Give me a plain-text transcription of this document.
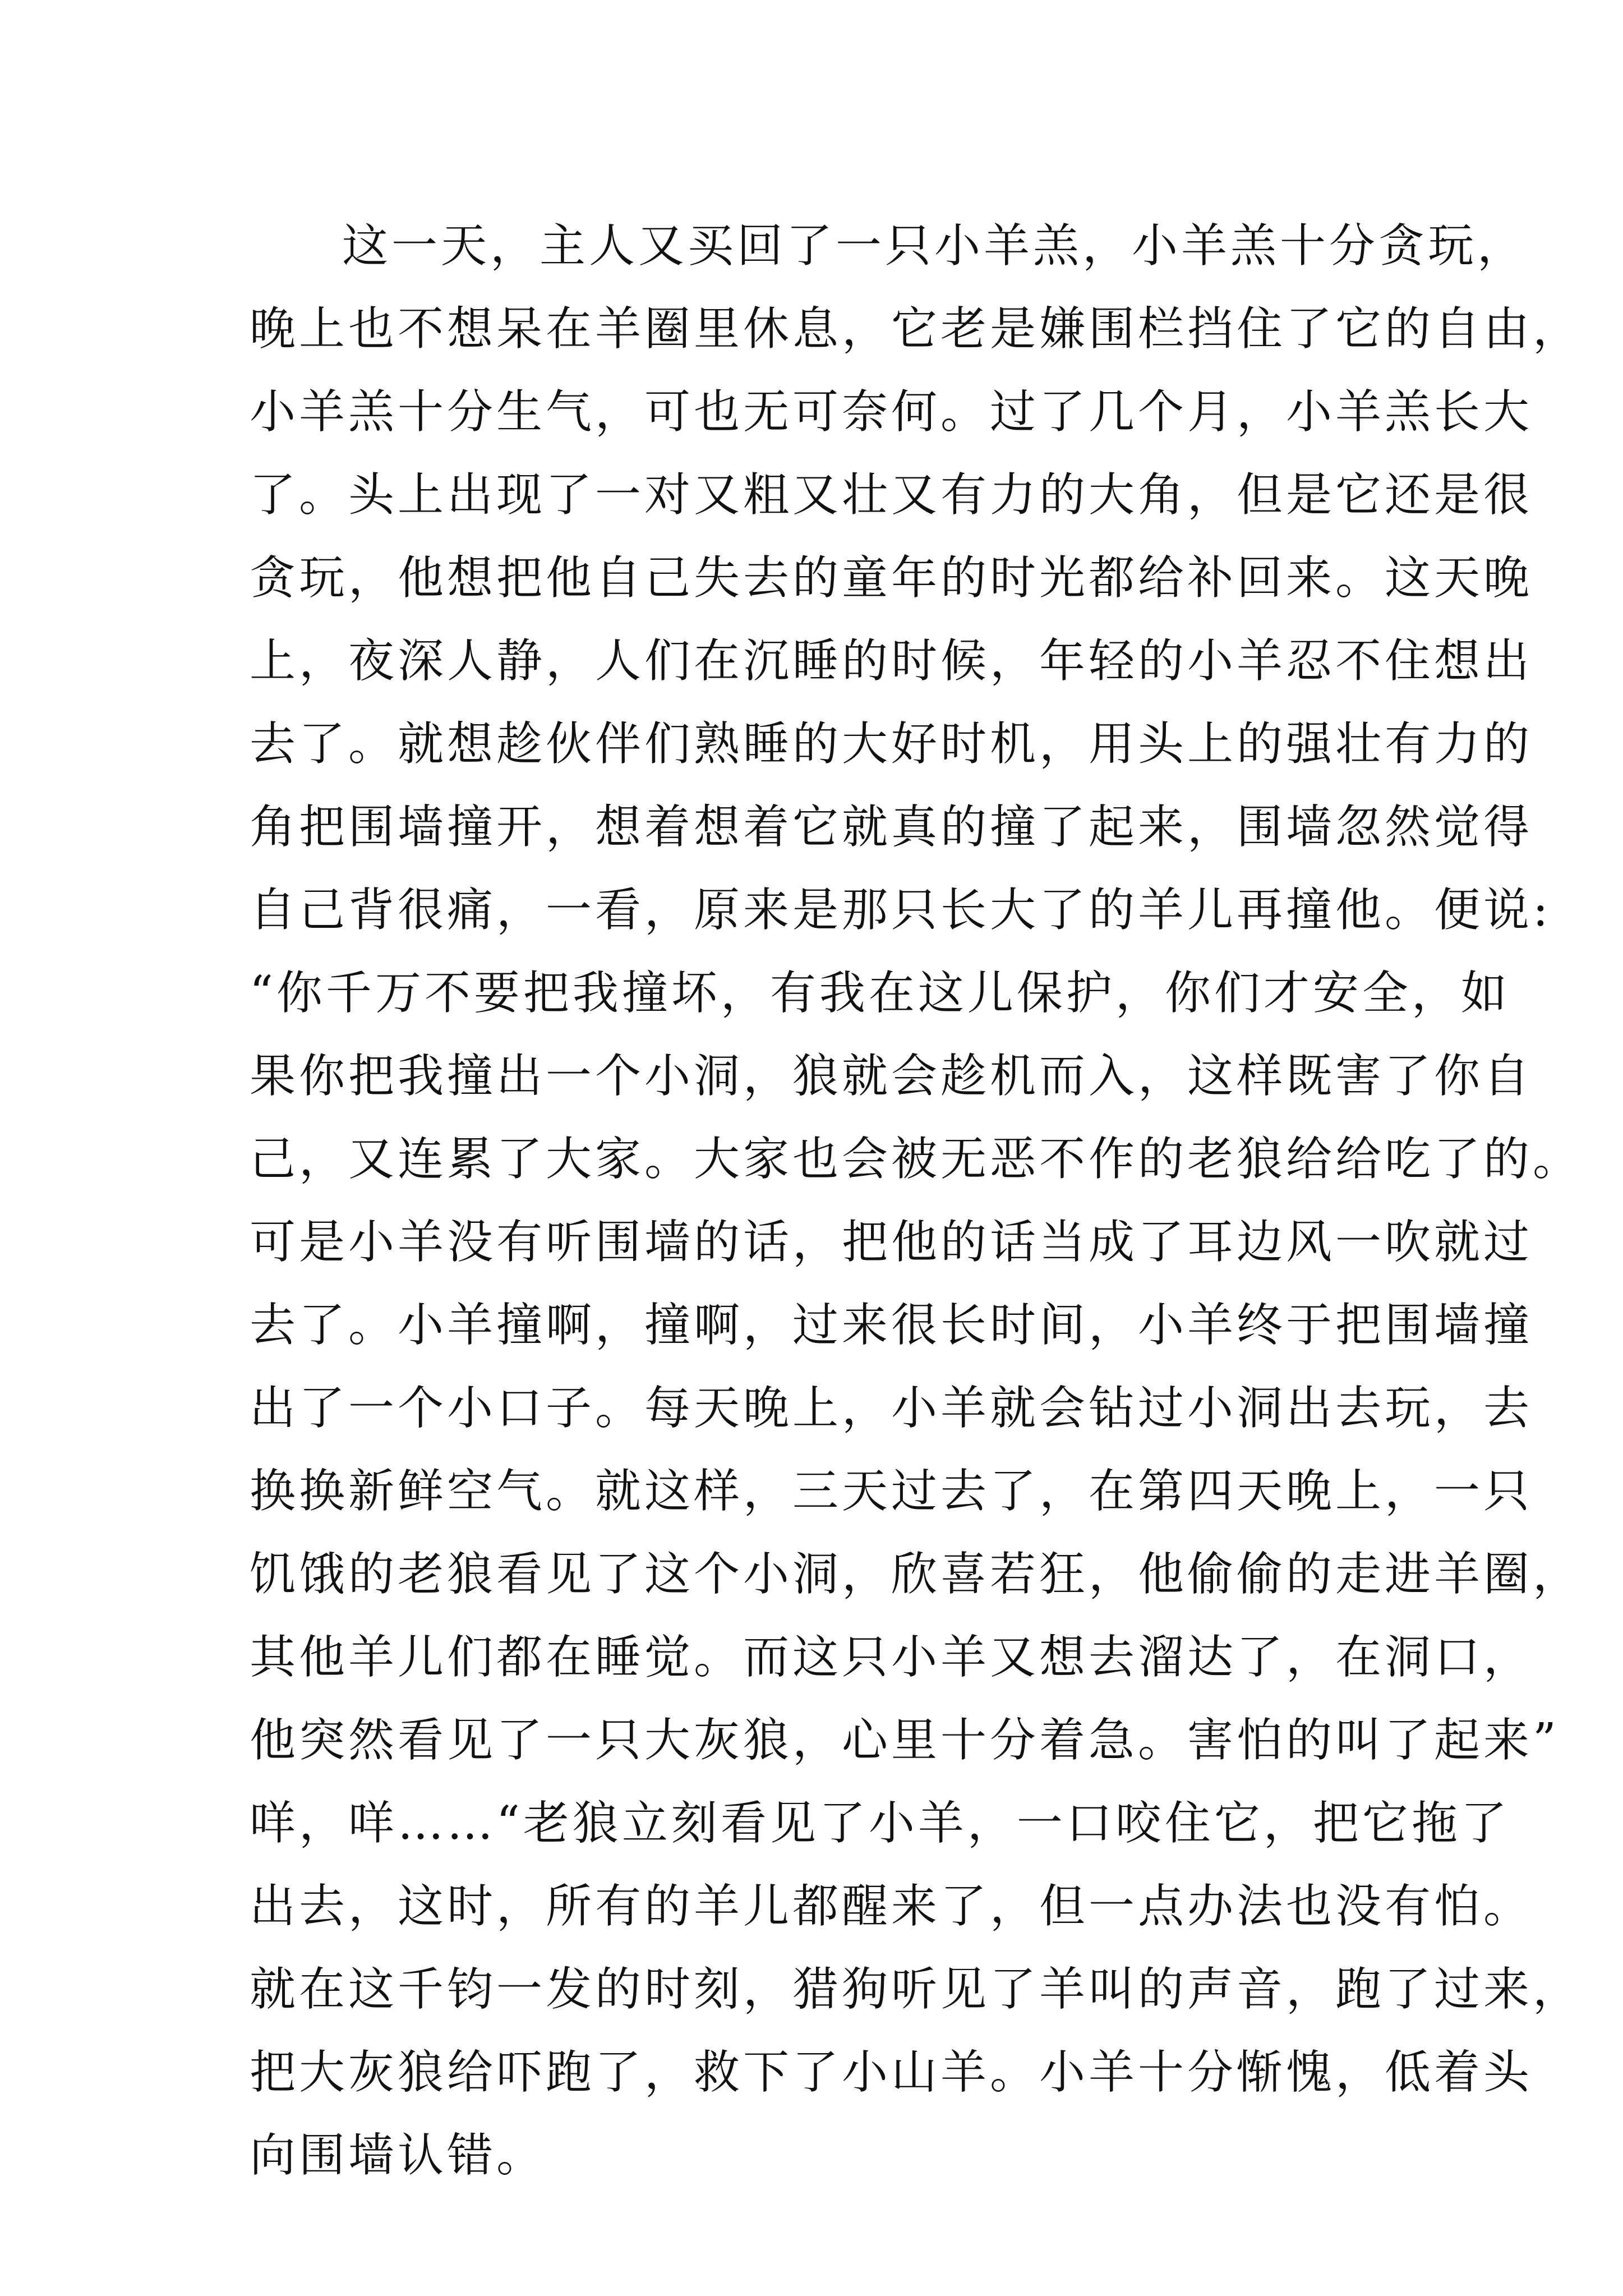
这一天，主人又买回了一只小羊羔，小羊羔十分贪玩，
晚上也不想呆在羊圈里休息，它老是嫌围栏挡住了它的自由，
小羊羔十分生气，可也无可奈何。过了几个月，小羊羔长大
了。头上出现了一对又粗又壮又有力的大角，但是它还是很
贪玩，他想把他自己失去的童年的时光都给补回来。这天晚
上，夜深人静，人们在沉睡的时候，年轻的小羊忍不住想出
去了。就想趁伙伴们熟睡的大好时机，用头上的强壮有力的
角把围墙撞开，想着想着它就真的撞了起来，围墙忽然觉得
自己背很痛，一看，原来是那只长大了的羊儿再撞他。便说:
“你千万不要把我撞坏，有我在这儿保护，你们才安全，如
果你把我撞出一个小洞，狼就会趁机而入，这样既害了你自
己，又连累了大家。大家也会被无恶不作的老狼给给吃了的。
可是小羊没有听围墙的话，把他的话当成了耳边风一吹就过
去了。小羊撞啊，撞啊，过来很长时间，小羊终于把围墙撞
出了一个小口子。每天晚上，小羊就会钻过小洞出去玩，去
换换新鲜空气。就这样，三天过去了，在第四天晚上，一只
饥饿的老狼看见了这个小洞，欣喜若狂，他偷偷的走进羊圈，
其他羊儿们都在睡觉。而这只小羊又想去溜达了，在洞口，
他突然看见了一只大灰狼，心里十分着急。害怕的叫了起来”
咩，咩……“老狼立刻看见了小羊，一口咬住它，把它拖了
出去，这时，所有的羊儿都醒来了，但一点办法也没有怕。
就在这千钧一发的时刻，猎狗听见了羊叫的声音，跑了过来，
把大灰狼给吓跑了，救下了小山羊。小羊十分惭愧，低着头
向围墙认错。
